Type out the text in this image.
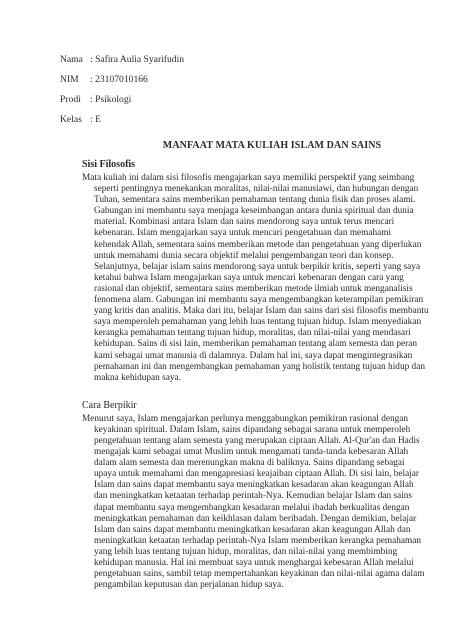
Nama : Safira Aulia Syarifudin
NIM	: 23107010166
Prodi : Psikologi
Kelas : E
MANFAAT MATA KULIAH ISLAM DAN SAINS
Sisi Filosofis
Mata kuliah ini dalam sisi filosofis mengajarkan saya memiliki perspektif yang seimbang
seperti pentingnya menekankan moralitas, nilai-nilai manusiawi, dan hubungan dengan
Tuhan, sementara sains memberikan pemahaman tentang dunia fisik dan proses alami.
Gabungan ini membantu saya menjaga keseimbangan antara dunia spiritual dan dunia
material. Kombinasi antara Islam dan sains mendorong saya untuk terus mencari
kebenaran. Islam mengajarkan saya untuk mencari pengetahuan dan memahami
kehendak Allah, sementara sains memberikan metode dan pengetahuan yang diperlukan
untuk memahami dunia secara objektif melalui pengembangan teori dan konsep.
Selanjutnya, belajar islam sains mendorong saya untuk berpikir kritis, seperti yang saya
ketahui bahwa Islam mengajarkan saya untuk mencari kebenaran dengan cara yang
rasional dan objektif, sementara sains memberikan metode ilmiah untuk menganalisis
fenomena alam. Gabungan ini membantu saya mengembangkan keterampilan pemikiran
yang kritis dan analitis. Maka dari itu, belajar Islam dan sains dari sisi filosofis membantu
saya memperoleh pemahaman yang lebih luas tentang tujuan hidup. Islam menyediakan
kerangka pemahaman tentang tujuan hidup, moralitas, dan nilai-nilai yang mendasari
kehidupan. Sains di sisi lain, memberikan pemahaman tentang alam semesta dan peran
kami sebagai umat manusia di dalamnya. Dalam hal ini, saya dapat mengintegrasikan
pemahaman ini dan mengembangkan pemahaman yang holistik tentang tujuan hidup dan
makna kehidupan saya.
Cara Berpikir
Menurut saya, Islam mengajarkan perlunya menggabungkan pemikiran rasional dengan
keyakinan spiritual. Dalam Islam, sains dipandang sebagai sarana untuk memperoleh
pengetahuan tentang alam semesta yang merupakan ciptaan Allah. Al-Qur'an dan Hadis
mengajak kami sebagai umat Muslim untuk mengamati tanda-tanda kebesaran Allah
dalam alam semesta dan merenungkan makna di baliknya. Sains dipandang sebagai
upaya untuk memahami dan mengapresiasi keajaiban ciptaan Allah. Di sisi lain, belajar
Islam dan sains dapat membantu saya meningkatkan kesadaran akan keagungan Allah
dan meningkatkan ketaatan terhadap perintah-Nya. Kemudian belajar Islam dan sains
dapat membantu saya mengembangkan kesadaran melalui ibadah berkualitas dengan
meningkatkan pemahaman dan keikhlasan dalam beribadah. Dengan demikian, belajar
Islam dan sains dapat membantu meningkatkan kesadaran akan keagungan Allah dan
meningkatkan ketaatan terhadap perintah-Nya Islam memberikan kerangka pemahaman
yang lebih luas tentang tujuan hidup, moralitas, dan nilai-nilai yang membimbing
kehidupan manusia. Hal ini membuat saya untuk menghargai kebesaran Allah melalui
pengetahuan sains, sambil tetap mempertahankan keyakinan dan nilai-nilai agama dalam
pengambilan keputusan dan perjalanan hidup saya.
